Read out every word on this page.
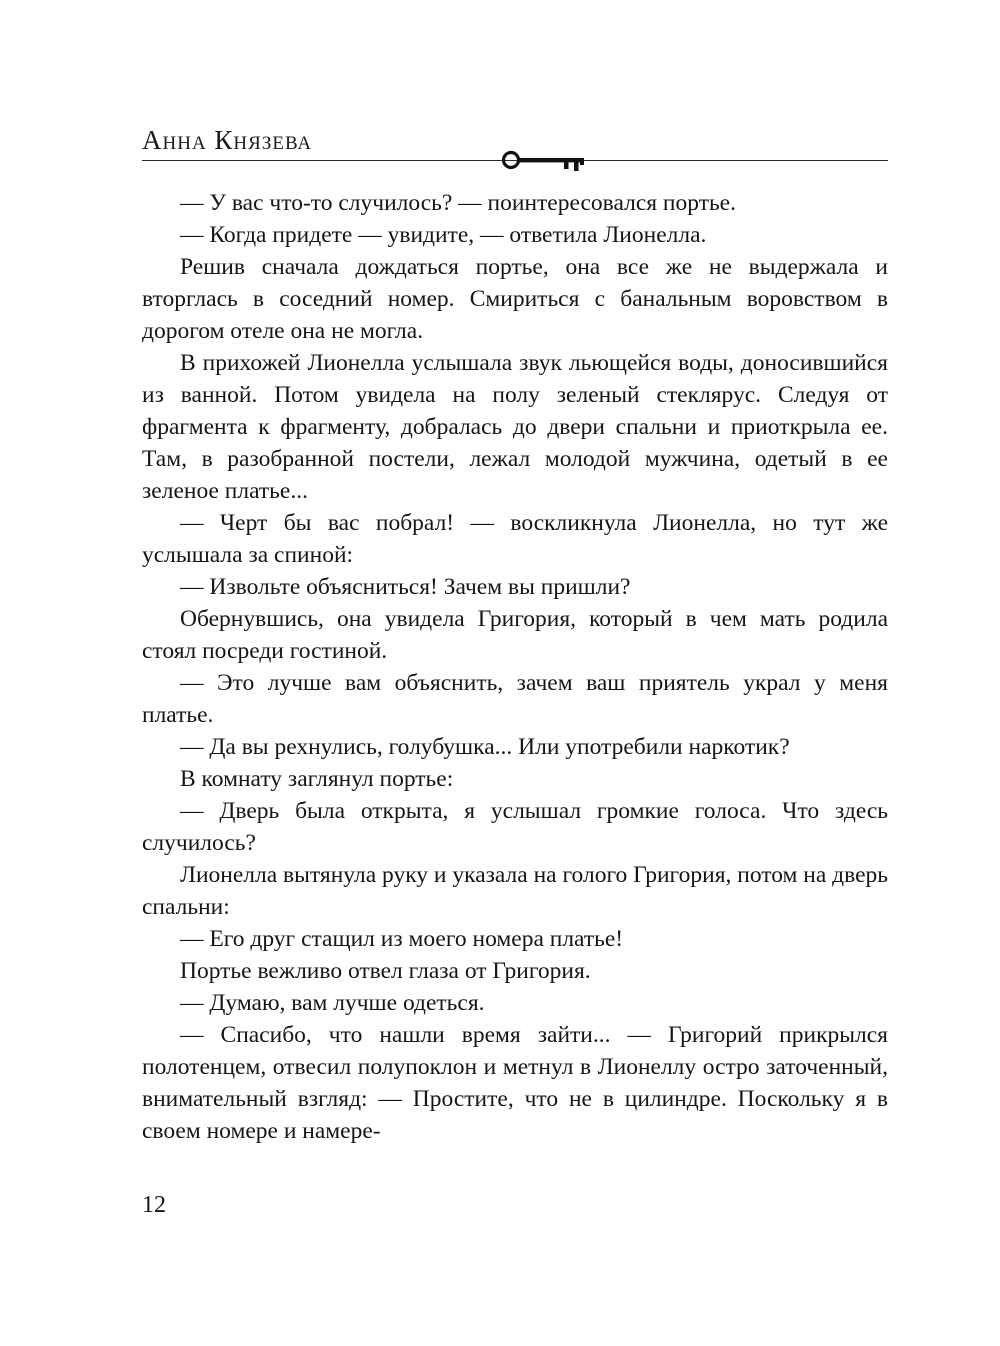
Анна Князева

— У вас что-то случилось? — поинтересовался портье.

— Когда придете — увидите, — ответила Лионелла.

Решив сначала дождаться портье, она все же не выдержала и вторглась в соседний номер. Смириться с банальным воровством в дорогом отеле она не могла.

В прихожей Лионелла услышала звук льющейся воды, доносившийся из ванной. Потом увидела на полу зеленый стеклярус. Следуя от фрагмента к фрагменту, добралась до двери спальни и приоткрыла ее. Там, в разобранной постели, лежал молодой мужчина, одетый в ее зеленое платье...

— Черт бы вас побрал! — воскликнула Лионелла, но тут же услышала за спиной:

— Извольте объясниться! Зачем вы пришли?

Обернувшись, она увидела Григория, который в чем мать родила стоял посреди гостиной.

— Это лучше вам объяснить, зачем ваш приятель украл у меня платье.

— Да вы рехнулись, голубушка... Или употребили наркотик?

В комнату заглянул портье:

— Дверь была открыта, я услышал громкие голоса. Что здесь случилось?

Лионелла вытянула руку и указала на голого Григория, потом на дверь спальни:

— Его друг стащил из моего номера платье!

Портье вежливо отвел глаза от Григория.

— Думаю, вам лучше одеться.

— Спасибо, что нашли время зайти... — Григорий прикрылся полотенцем, отвесил полупоклон и метнул в Лионеллу остро заточенный, внимательный взгляд: — Простите, что не в цилиндре. Поскольку я в своем номере и намере-

12
